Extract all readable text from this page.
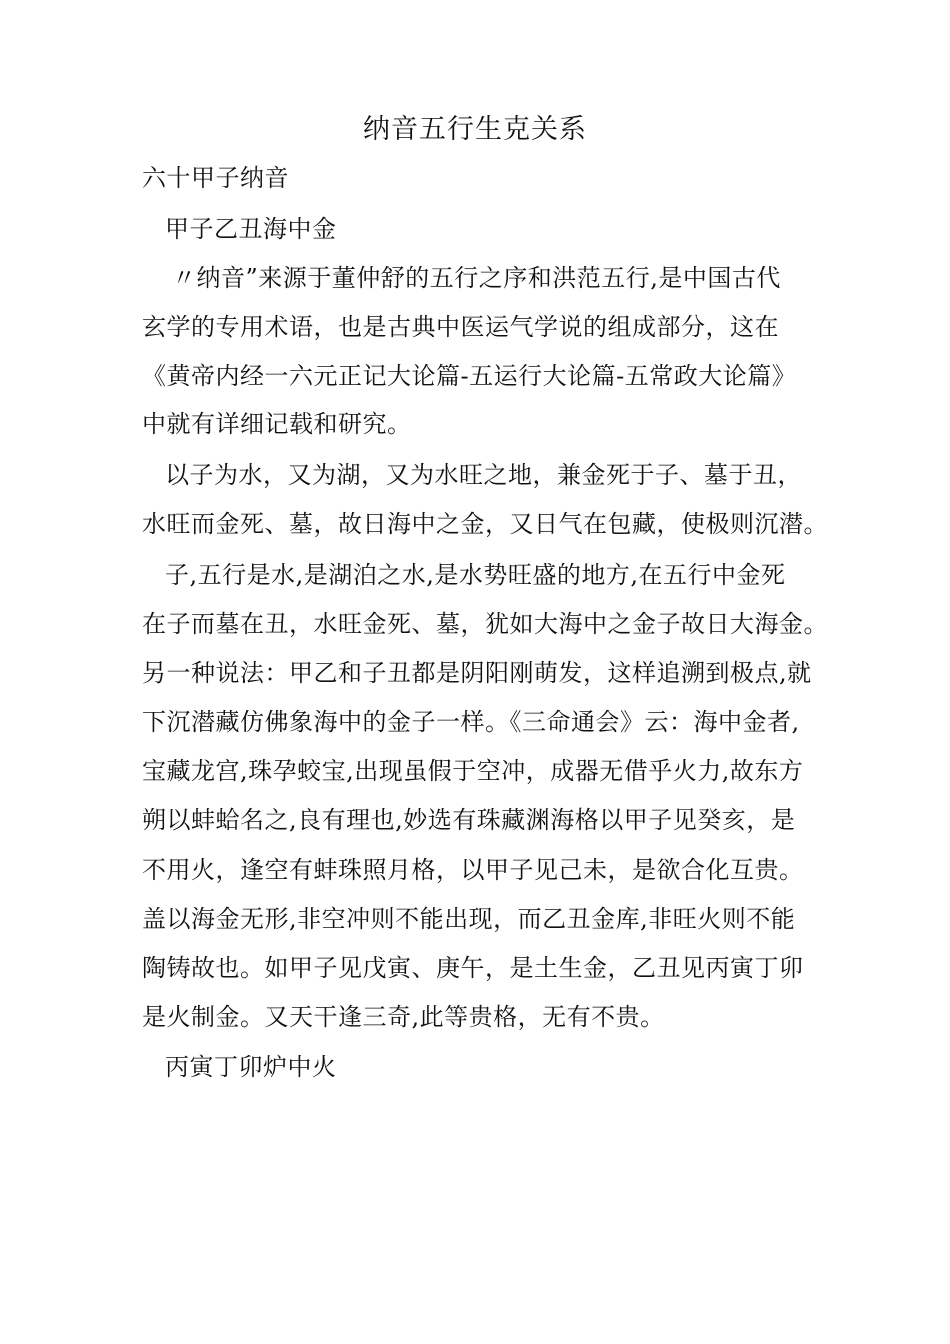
纳音五行生克关系
六十甲子纳音
甲子乙丑海中金
〃纳音”来源于董仲舒的五行之序和洪范五行,是中国古代
玄学的专用术语，也是古典中医运气学说的组成部分，这在
《黄帝内经一六元正记大论篇-五运行大论篇-五常政大论篇》
中就有详细记载和研究。
以子为水，又为湖，又为水旺之地，兼金死于子、墓于丑，
水旺而金死、墓，故日海中之金，又日气在包藏，使极则沉潜。
子,五行是水,是湖泊之水,是水势旺盛的地方,在五行中金死
在子而墓在丑，水旺金死、墓，犹如大海中之金子故日大海金。
另一种说法：甲乙和子丑都是阴阳刚萌发，这样追溯到极点,就
下沉潜藏仿佛象海中的金子一样。《三命通会》云：海中金者,
宝藏龙宫,珠孕蛟宝,出现虽假于空冲，成器无借乎火力,故东方
朔以蚌蛤名之,良有理也,妙选有珠藏渊海格以甲子见癸亥，是
不用火，逢空有蚌珠照月格，以甲子见己未，是欲合化互贵。
盖以海金无形,非空冲则不能出现，而乙丑金库,非旺火则不能
陶铸故也。如甲子见戊寅、庚午，是土生金，乙丑见丙寅丁卯
是火制金。又天干逢三奇,此等贵格，无有不贵。
丙寅丁卯炉中火
